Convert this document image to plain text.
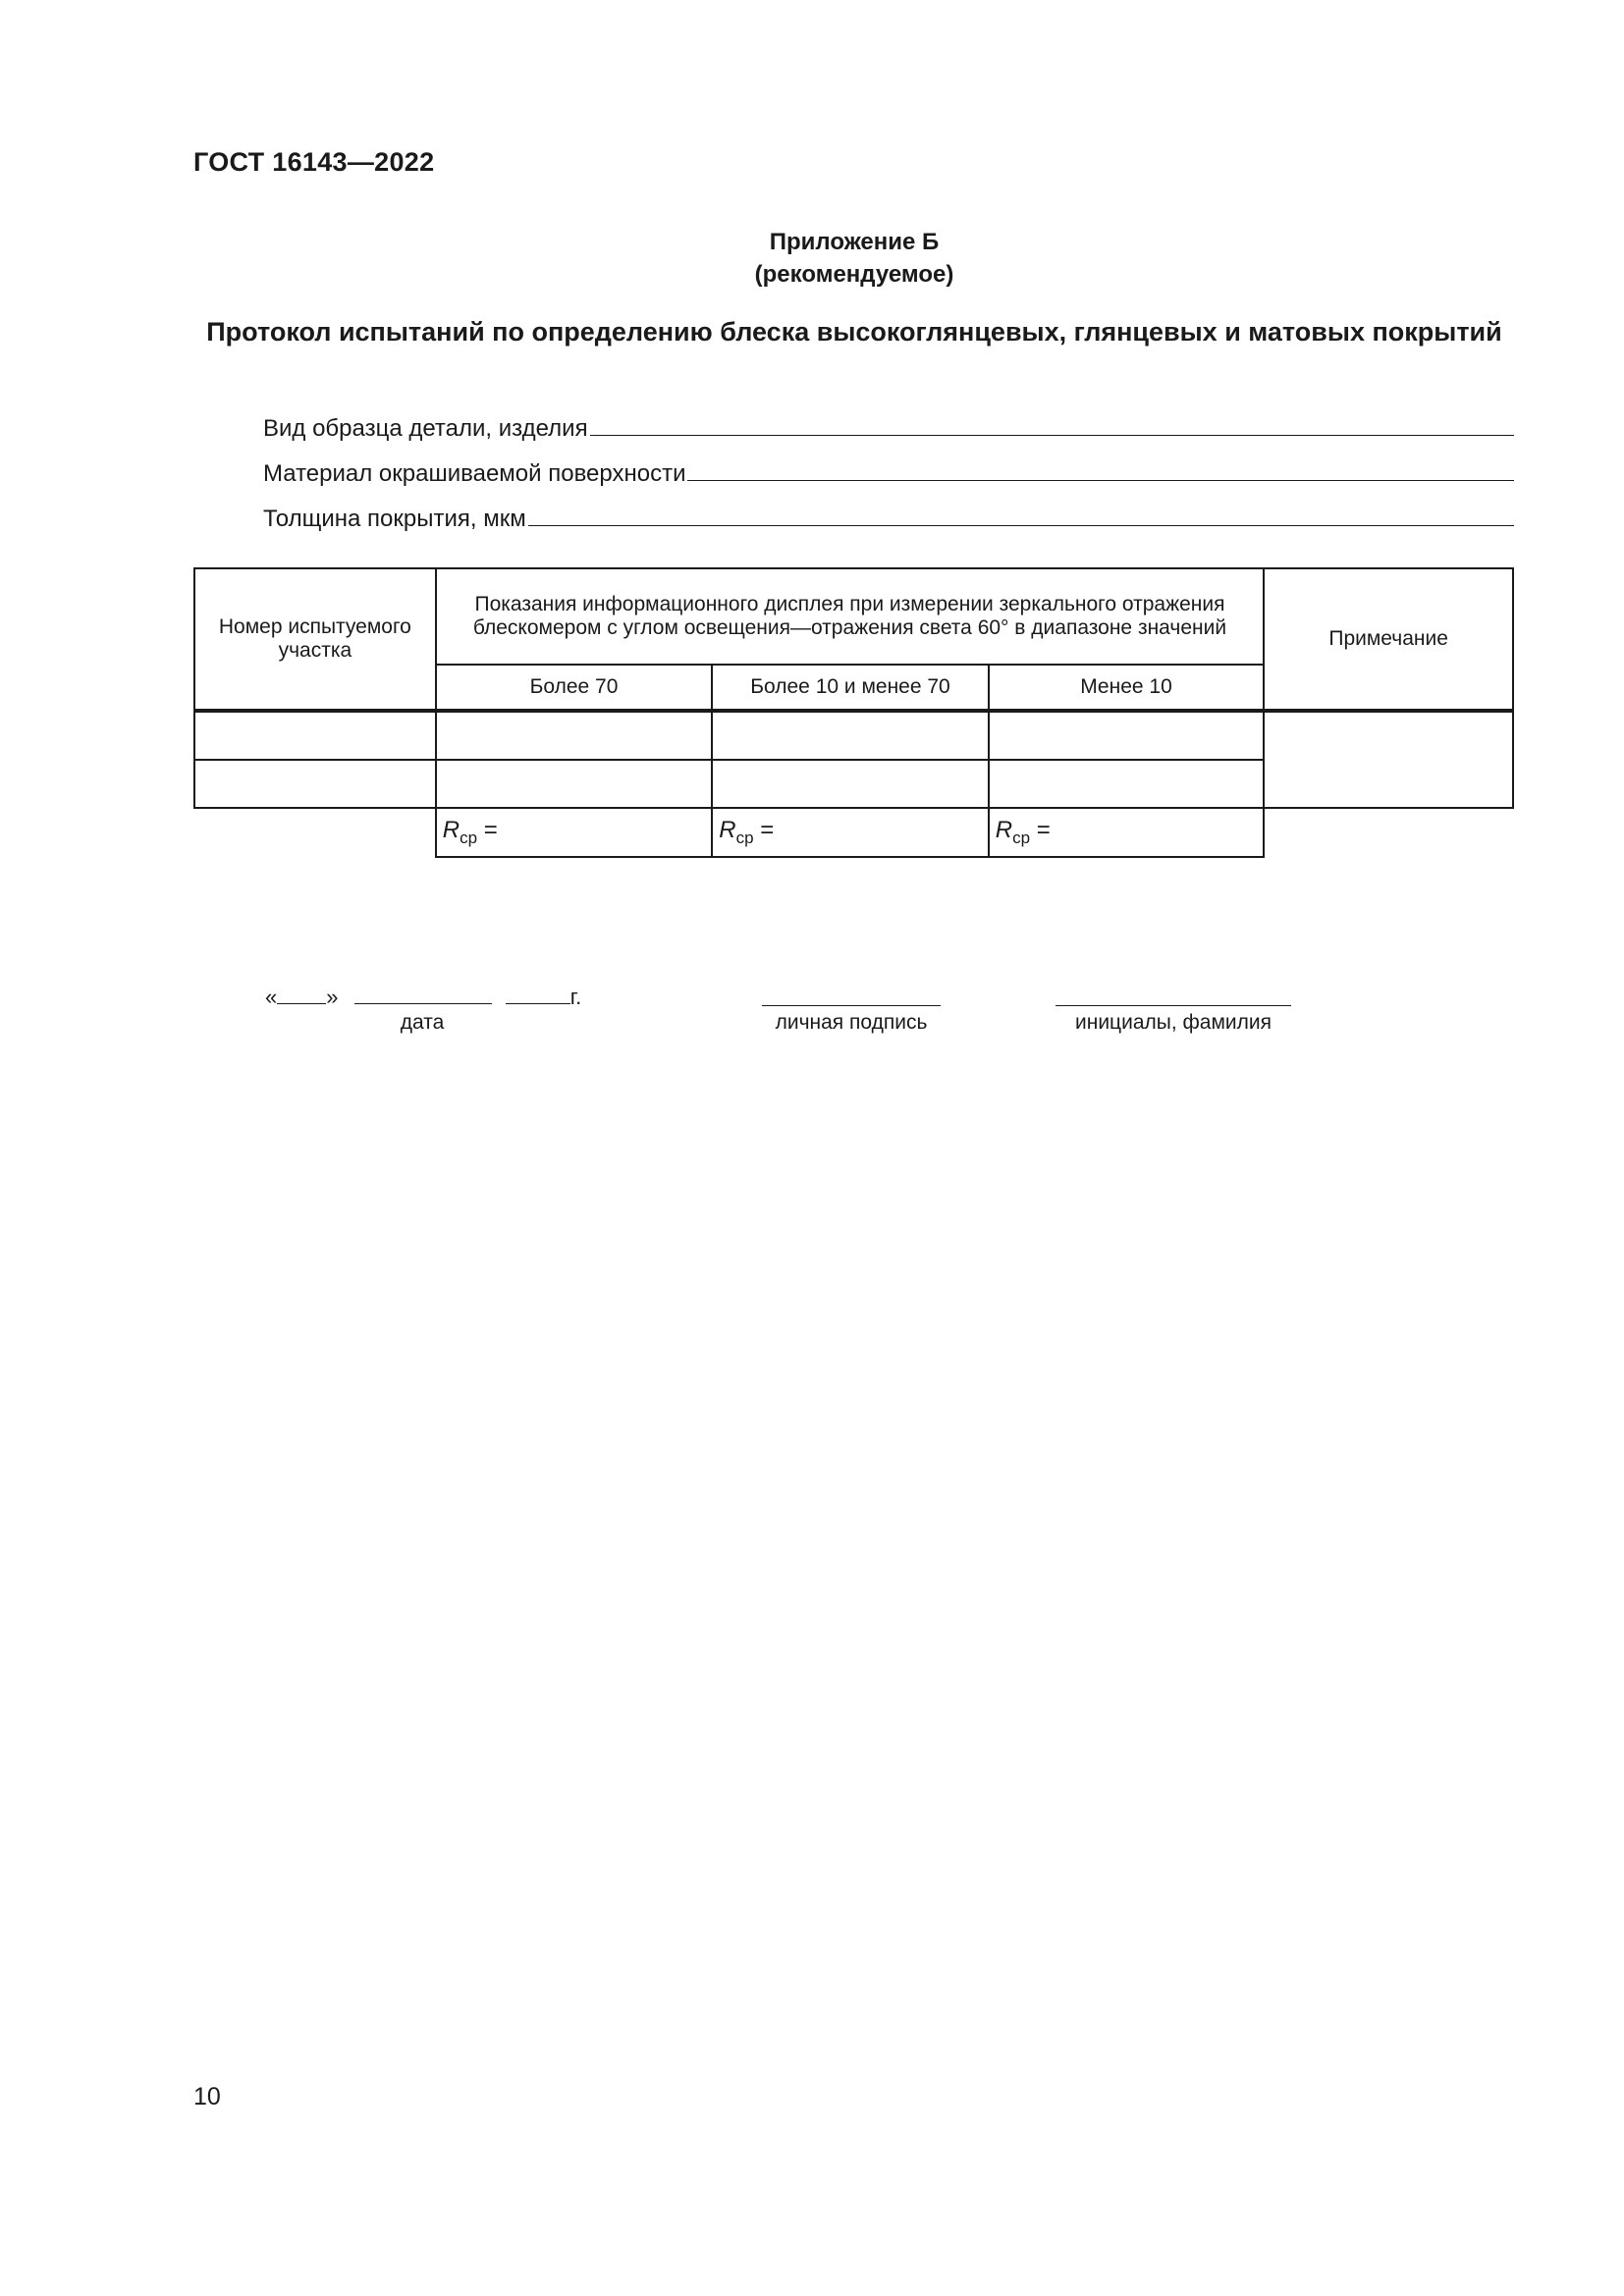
ГОСТ 16143—2022
Приложение Б
(рекомендуемое)
Протокол испытаний по определению блеска высокоглянцевых, глянцевых и матовых покрытий
Вид образца детали, изделия
Материал окрашиваемой поверхности
Толщина покрытия, мкм
Номер испытуемого участка	Показания информационного дисплея при измерении зеркального отражения блескомером с углом освещения—отражения света 60° в диапазоне значений			Примечание
	Более 70	Более 10 и менее 70	Менее 10	

	$R_{ср}$ =	$R_{ср}$ =	$R_{ср}$ =	
« »	г.
дата	личная подпись	инициалы, фамилия
10
